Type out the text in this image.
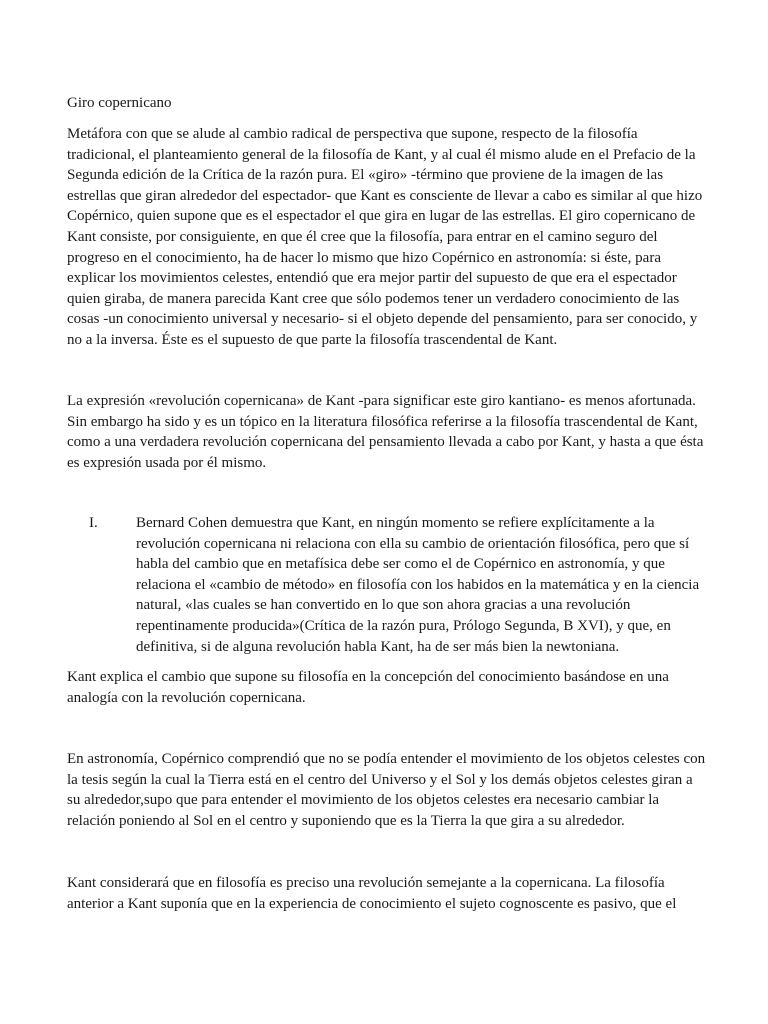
Giro copernicano

Metáfora con que se alude al cambio radical de perspectiva que supone, respecto de la filosofía tradicional, el planteamiento general de la filosofía de Kant, y al cual él mismo alude en el Prefacio de la Segunda edición de la Crítica de la razón pura. El «giro» -término que proviene de la imagen de las estrellas que giran alrededor del espectador- que Kant es consciente de llevar a cabo es similar al que hizo Copérnico, quien supone que es el espectador el que gira en lugar de las estrellas. El giro copernicano de Kant consiste, por consiguiente, en que él cree que la filosofía, para entrar en el camino seguro del progreso en el conocimiento, ha de hacer lo mismo que hizo Copérnico en astronomía: si éste, para explicar los movimientos celestes, entendió que era mejor partir del supuesto de que era el espectador quien giraba, de manera parecida Kant cree que sólo podemos tener un verdadero conocimiento de las cosas -un conocimiento universal y necesario- si el objeto depende del pensamiento, para ser conocido, y no a la inversa. Éste es el supuesto de que parte la filosofía trascendental de Kant.

La expresión «revolución copernicana» de Kant -para significar este giro kantiano- es menos afortunada. Sin embargo ha sido y es un tópico en la literatura filosófica referirse a la filosofía trascendental de Kant, como a una verdadera revolución copernicana del pensamiento llevada a cabo por Kant, y hasta a que ésta es expresión usada por él mismo.

I.	Bernard Cohen demuestra que Kant, en ningún momento se refiere explícitamente a la revolución copernicana ni relaciona con ella su cambio de orientación filosófica, pero que sí habla del cambio que en metafísica debe ser como el de Copérnico en astronomía, y que relaciona el «cambio de método» en filosofía con los habidos en la matemática y en la ciencia natural, «las cuales se han convertido en lo que son ahora gracias a una revolución repentinamente producida»(Crítica de la razón pura, Prólogo Segunda, B XVI), y que, en definitiva, si de alguna revolución habla Kant, ha de ser más bien la newtoniana.

Kant explica el cambio que supone su filosofía en la concepción del conocimiento basándose en una analogía con la revolución copernicana.

En astronomía, Copérnico comprendió que no se podía entender el movimiento de los objetos celestes con la tesis según la cual la Tierra está en el centro del Universo y el Sol y los demás objetos celestes giran a su alrededor,supo que para entender el movimiento de los objetos celestes era necesario cambiar la relación poniendo al Sol en el centro y suponiendo que es la Tierra la que gira a su alrededor.

Kant considerará que en filosofía es preciso una revolución semejante a la copernicana. La filosofía anterior a Kant suponía que en la experiencia de conocimiento el sujeto cognoscente es pasivo, que el
